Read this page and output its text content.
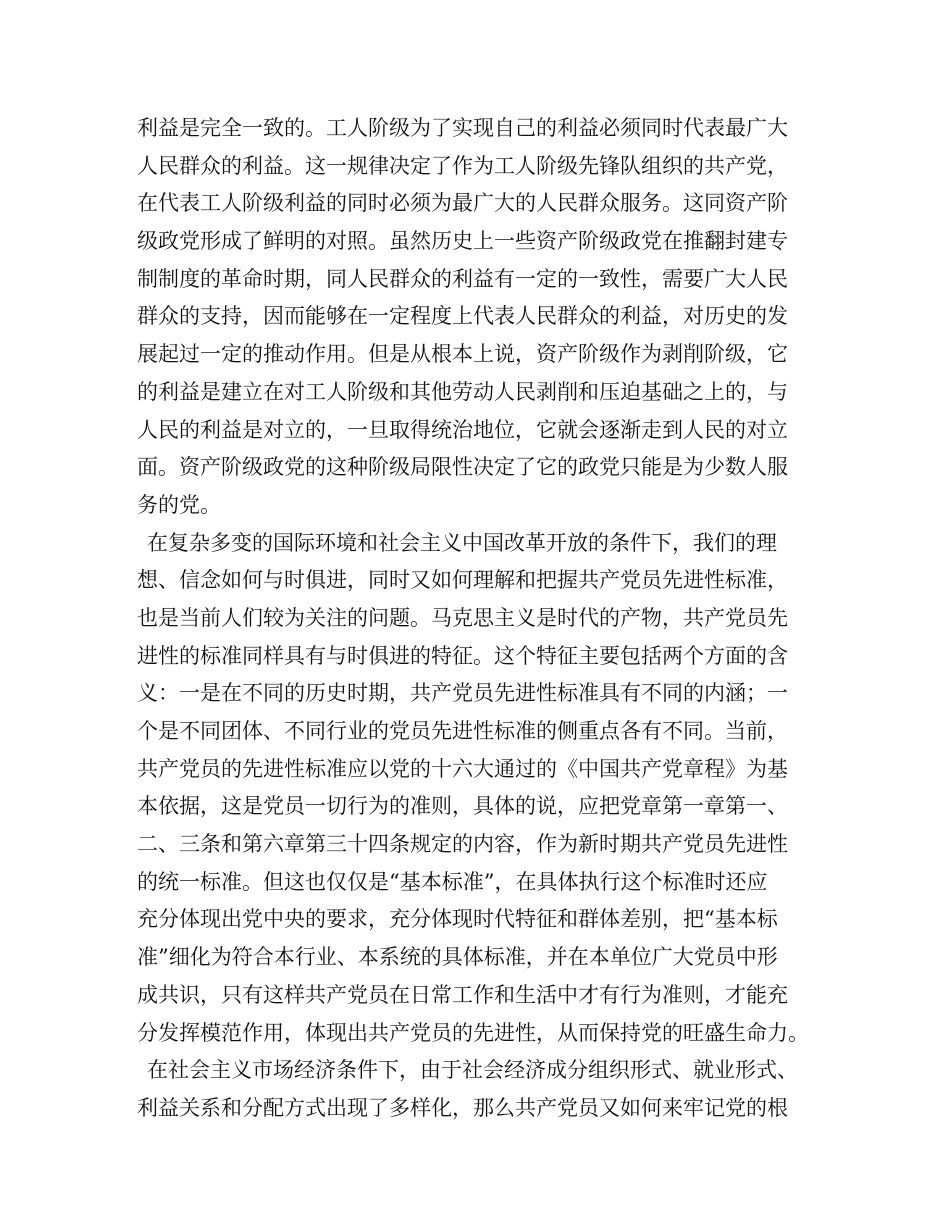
利益是完全一致的。工人阶级为了实现自己的利益必须同时代表最广大
人民群众的利益。这一规律决定了作为工人阶级先锋队组织的共产党，
在代表工人阶级利益的同时必须为最广大的人民群众服务。这同资产阶
级政党形成了鲜明的对照。虽然历史上一些资产阶级政党在推翻封建专
制制度的革命时期，同人民群众的利益有一定的一致性，需要广大人民
群众的支持，因而能够在一定程度上代表人民群众的利益，对历史的发
展起过一定的推动作用。但是从根本上说，资产阶级作为剥削阶级，它
的利益是建立在对工人阶级和其他劳动人民剥削和压迫基础之上的，与
人民的利益是对立的，一旦取得统治地位，它就会逐渐走到人民的对立
面。资产阶级政党的这种阶级局限性决定了它的政党只能是为少数人服
务的党。
在复杂多变的国际环境和社会主义中国改革开放的条件下，我们的理
想、信念如何与时俱进，同时又如何理解和把握共产党员先进性标准，
也是当前人们较为关注的问题。马克思主义是时代的产物，共产党员先
进性的标准同样具有与时俱进的特征。这个特征主要包括两个方面的含
义：一是在不同的历史时期，共产党员先进性标准具有不同的内涵；一
个是不同团体、不同行业的党员先进性标准的侧重点各有不同。当前，
共产党员的先进性标准应以党的十六大通过的《中国共产党章程》为基
本依据，这是党员一切行为的准则，具体的说，应把党章第一章第一、
二、三条和第六章第三十四条规定的内容，作为新时期共产党员先进性
的统一标准。但这也仅仅是“基本标准”，在具体执行这个标准时还应
充分体现出党中央的要求，充分体现时代特征和群体差别，把“基本标
准”细化为符合本行业、本系统的具体标准，并在本单位广大党员中形
成共识，只有这样共产党员在日常工作和生活中才有行为准则，才能充
分发挥模范作用，体现出共产党员的先进性，从而保持党的旺盛生命力。
在社会主义市场经济条件下，由于社会经济成分组织形式、就业形式、
利益关系和分配方式出现了多样化，那么共产党员又如何来牢记党的根
